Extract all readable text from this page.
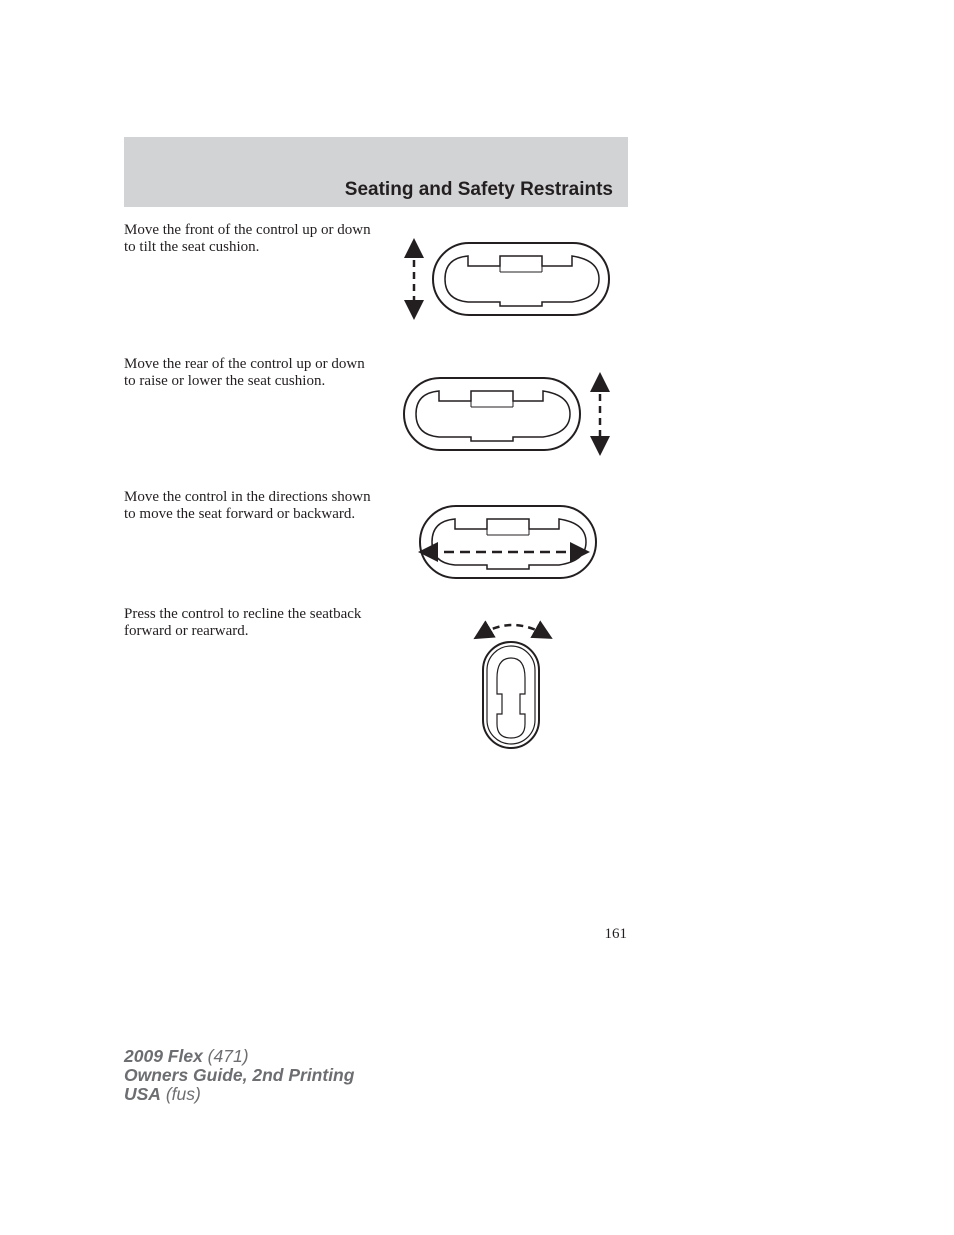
Seating and Safety Restraints

Move the front of the control up or down to tilt the seat cushion.

Move the rear of the control up or down to raise or lower the seat cushion.

Move the control in the directions shown to move the seat forward or backward.

Press the control to recline the seatback forward or rearward.

161
2009 Flex (471)
Owners Guide, 2nd Printing
USA (fus)
